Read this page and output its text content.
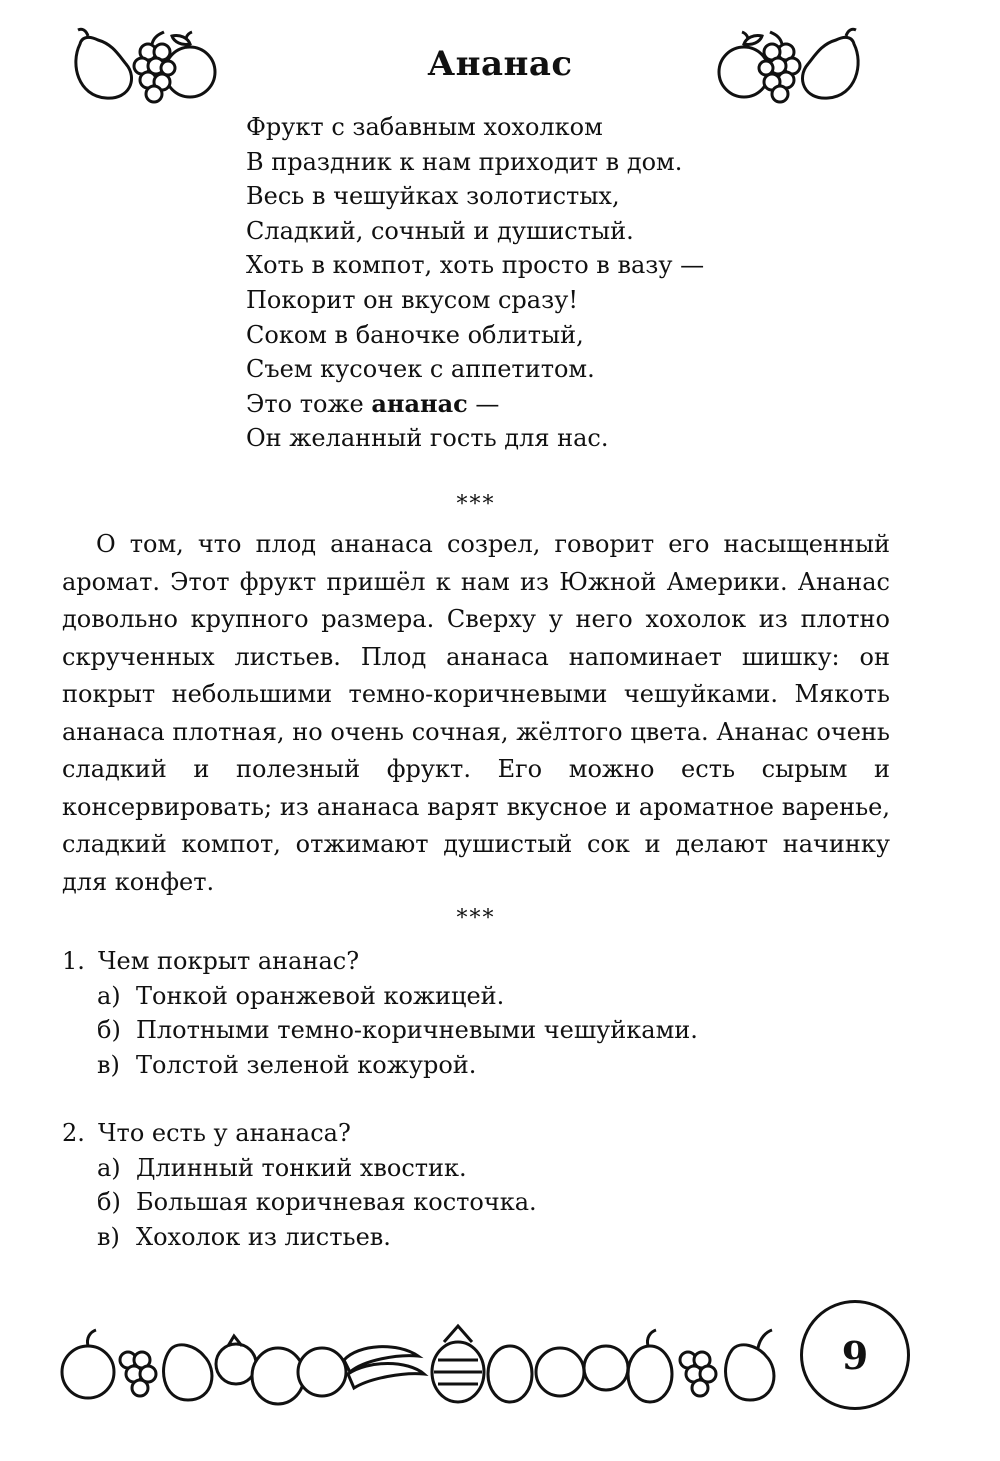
Ананас
Фрукт с забавным хохолком
В праздник к нам приходит в дом.
Весь в чешуйках золотистых,
Сладкий, сочный и душистый.
Хоть в компот, хоть просто в вазу —
Покорит он вкусом сразу!
Соком в баночке облитый,
Съем кусочек с аппетитом.
Это тоже ананас —
Он желанный гость для нас.
***

О том, что плод ананаса созрел, говорит его насыщенный аромат. Этот фрукт пришёл к нам из Южной Америки. Ананас довольно крупного размера. Сверху у него хохолок из плотно скрученных листьев. Плод ананаса напоминает шишку: он покрыт небольшими темно-коричневыми чешуйками. Мякоть ананаса плотная, но очень сочная, жёлтого цвета. Ананас очень сладкий и полезный фрукт. Его можно есть сырым и консервировать; из ананаса варят вкусное и ароматное варенье, сладкий компот, отжимают душистый сок и делают начинку для конфет.

***
1. Чем покрыт ананас?
а) Тонкой оранжевой кожицей.
б) Плотными темно-коричневыми чешуйками.
в) Толстой зеленой кожурой.
2. Что есть у ананаса?
а) Длинный тонкий хвостик.
б) Большая коричневая косточка.
в) Хохолок из листьев.
9
